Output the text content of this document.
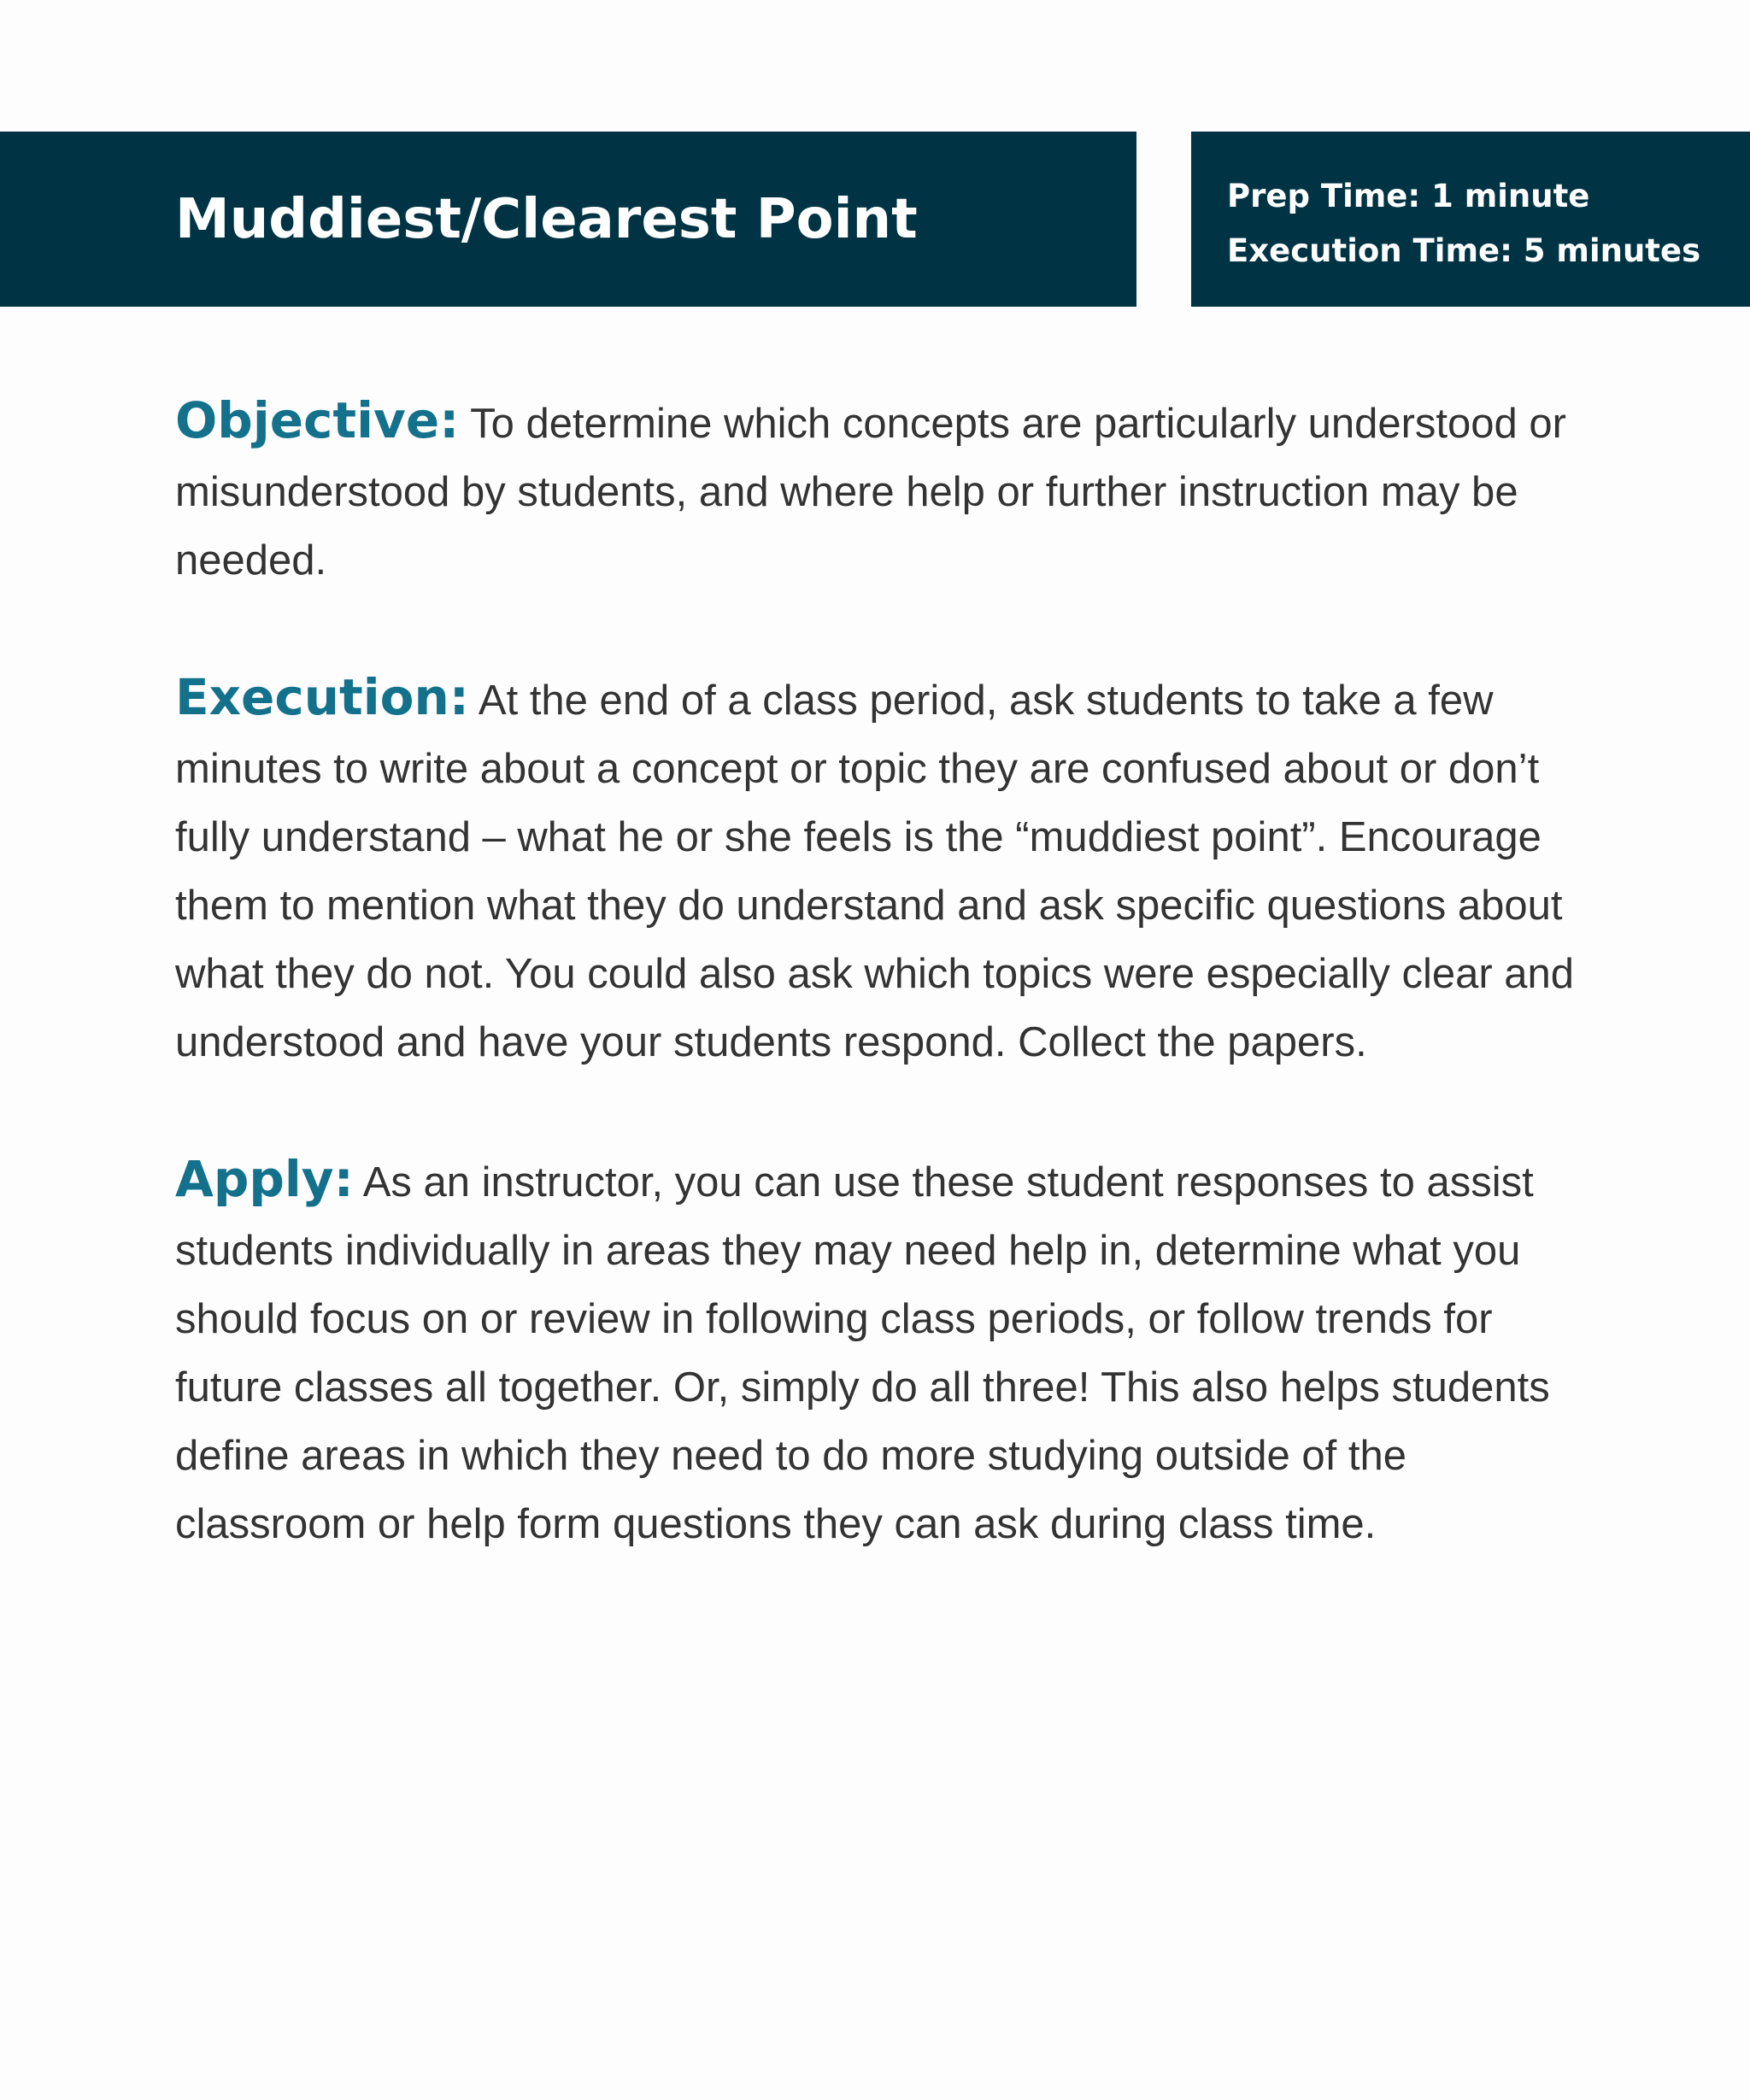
Muddiest/Clearest Point	Prep Time: 1 minute
Execution Time: 5 minutes

Objective: To determine which concepts are particularly understood or misunderstood by students, and where help or further instruction may be needed.

Execution: At the end of a class period, ask students to take a few minutes to write about a concept or topic they are confused about or don’t fully understand – what he or she feels is the “muddiest point”. Encourage them to mention what they do understand and ask specific questions about what they do not. You could also ask which topics were especially clear and understood and have your students respond. Collect the papers.

Apply: As an instructor, you can use these student responses to assist students individually in areas they may need help in, determine what you should focus on or review in following class periods, or follow trends for future classes all together. Or, simply do all three! This also helps students define areas in which they need to do more studying outside of the classroom or help form questions they can ask during class time.
